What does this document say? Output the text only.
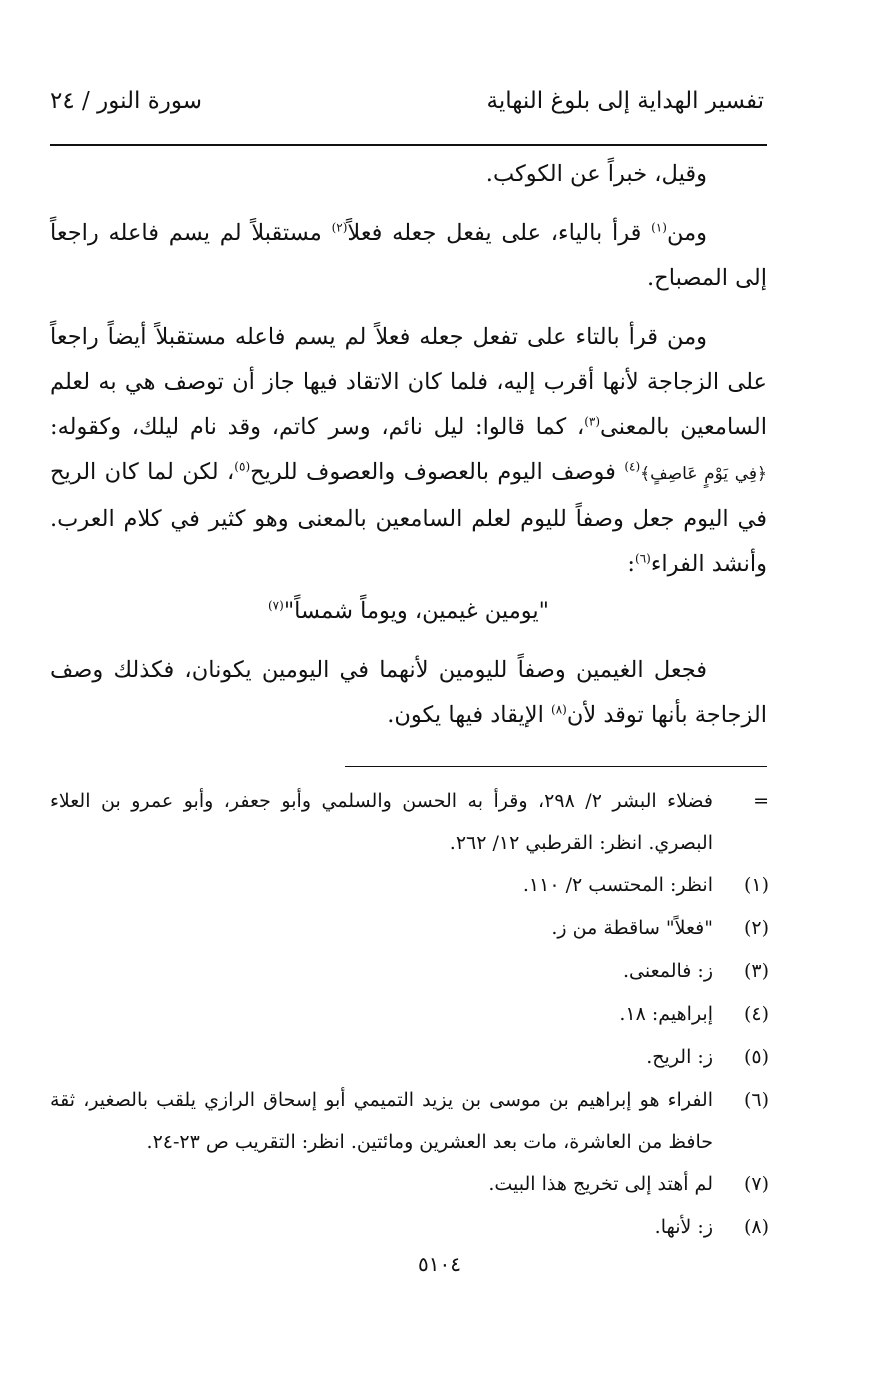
تفسير الهداية إلى بلوغ النهاية
سورة النور / ٢٤

وقيل، خبراً عن الكوكب.

ومن$^{(١)}$ قرأ بالياء، على يفعل جعله فعلاً$^{(٢)}$ مستقبلاً لم يسم فاعله راجعاً إلى المصباح.

ومن قرأ بالتاء على تفعل جعله فعلاً لم يسم فاعله مستقبلاً أيضاً راجعاً على الزجاجة لأنها أقرب إليه، فلما كان الاتقاد فيها جاز أن توصف هي به لعلم السامعين بالمعنى$^{(٣)}$، كما قالوا: ليل نائم، وسر كاتم، وقد نام ليلك، وكقوله: ﴿فِي يَوْمٍ عَاصِفٍ﴾$^{(٤)}$ فوصف اليوم بالعصوف والعصوف للريح$^{(٥)}$، لكن لما كان الريح في اليوم جعل وصفاً لليوم لعلم السامعين بالمعنى وهو كثير في كلام العرب. وأنشد الفراء$^{(٦)}$:

"يومين غيمين، ويوماً شمساً"$^{(٧)}$

فجعل الغيمين وصفاً لليومين لأنهما في اليومين يكونان، فكذلك وصف الزجاجة بأنها توقد لأن$^{(٨)}$ الإيقاد فيها يكون.

=
فضلاء البشر ٢/ ٢٩٨، وقرأ به الحسن والسلمي وأبو جعفر، وأبو عمرو بن العلاء البصري. انظر: القرطبي ١٢/ ٢٦٢.
(١)
انظر: المحتسب ٢/ ١١٠.
(٢)
"فعلاً" ساقطة من ز.
(٣)
ز: فالمعنى.
(٤)
إبراهيم: ١٨.
(٥)
ز: الريح.
(٦)
الفراء هو إبراهيم بن موسى بن يزيد التميمي أبو إسحاق الرازي يلقب بالصغير، ثقة حافظ من العاشرة، مات بعد العشرين ومائتين. انظر: التقريب ص ٢٣-٢٤.
(٧)
لم أهتد إلى تخريج هذا البيت.
(٨)
ز: لأنها.
٥١٠٤
